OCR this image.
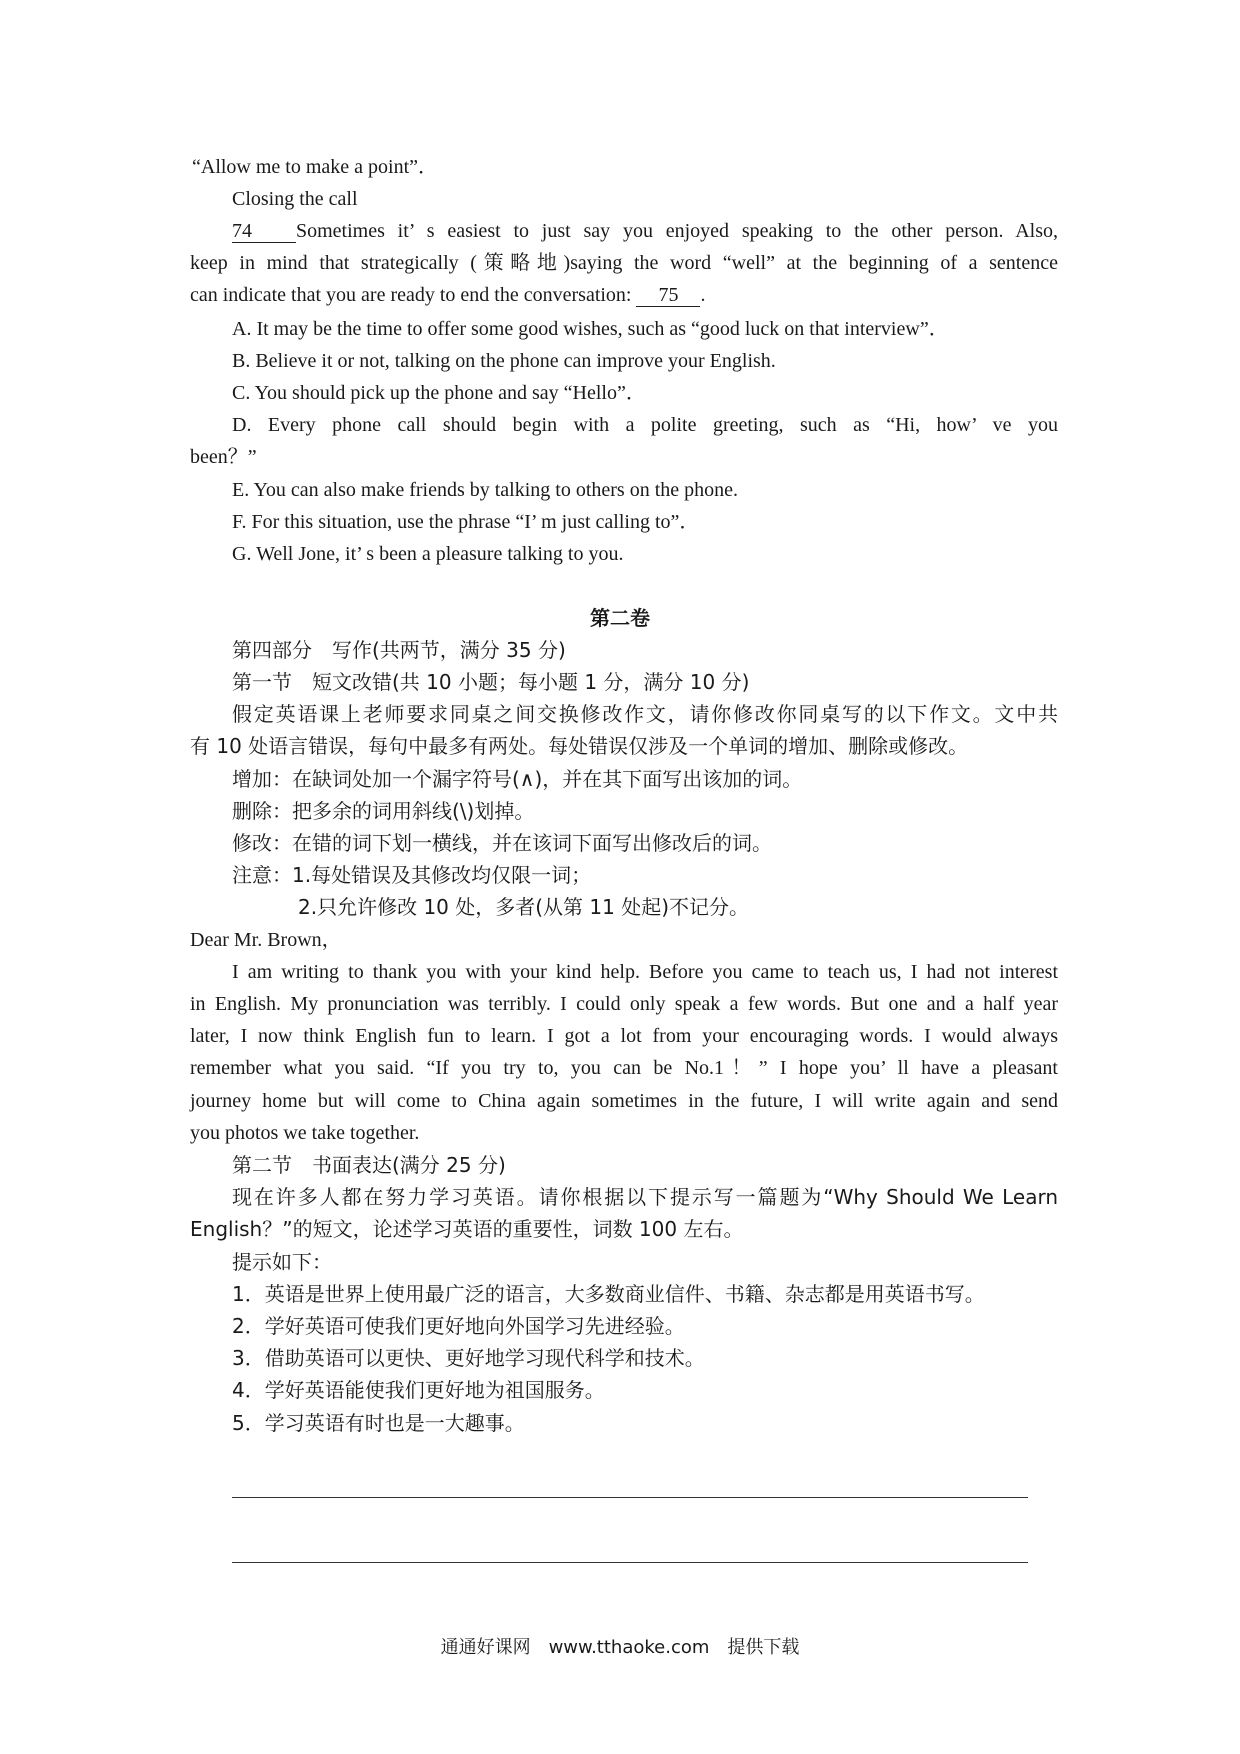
“Allow me to make a point”．
Closing the call
74 Sometimes it’ s easiest to just say you enjoyed speaking to the other person. Also,
keep in mind that strategically (策略地)saying the word “well” at the beginning of a sentence
can indicate that you are ready to end the conversation: 75 .
A. It may be the time to offer some good wishes, such as “good luck on that interview”．
B. Believe it or not, talking on the phone can improve your English.
C. You should pick up the phone and say “Hello”．
D. Every phone call should begin with a polite greeting, such as “Hi, how’ ve you
been？”
E. You can also make friends by talking to others on the phone.
F. For this situation, use the phrase “I’ m just calling to”．
G. Well Jone, it’ s been a pleasure talking to you.
第二卷
第四部分　写作(共两节，满分 35 分)
第一节　短文改错(共 10 小题；每小题 1 分，满分 10 分)
假定英语课上老师要求同桌之间交换修改作文，请你修改你同桌写的以下作文。文中共
有 10 处语言错误，每句中最多有两处。每处错误仅涉及一个单词的增加、删除或修改。
增加：在缺词处加一个漏字符号(∧)，并在其下面写出该加的词。
删除：把多余的词用斜线(\)划掉。
修改：在错的词下划一横线，并在该词下面写出修改后的词。
注意：1.每处错误及其修改均仅限一词；
2.只允许修改 10 处，多者(从第 11 处起)不记分。
Dear Mr. Brown，
I am writing to thank you with your kind help. Before you came to teach us, I had not interest
in English. My pronunciation was terribly. I could only speak a few words. But one and a half year
later, I now think English fun to learn. I got a lot from your encouraging words. I would always
remember what you said. “If you try to, you can be No.1！” I hope you’ ll have a pleasant
journey home but will come to China again sometimes in the future, I will write again and send
you photos we take together.
第二节　书面表达(满分 25 分)
现在许多人都在努力学习英语。请你根据以下提示写一篇题为“Why Should We Learn
English？”的短文，论述学习英语的重要性，词数 100 左右。
提示如下：
1．英语是世界上使用最广泛的语言，大多数商业信件、书籍、杂志都是用英语书写。
2．学好英语可使我们更好地向外国学习先进经验。
3．借助英语可以更快、更好地学习现代科学和技术。
4．学好英语能使我们更好地为祖国服务。
5．学习英语有时也是一大趣事。
通通好课网　www.tthaoke.com　提供下载
